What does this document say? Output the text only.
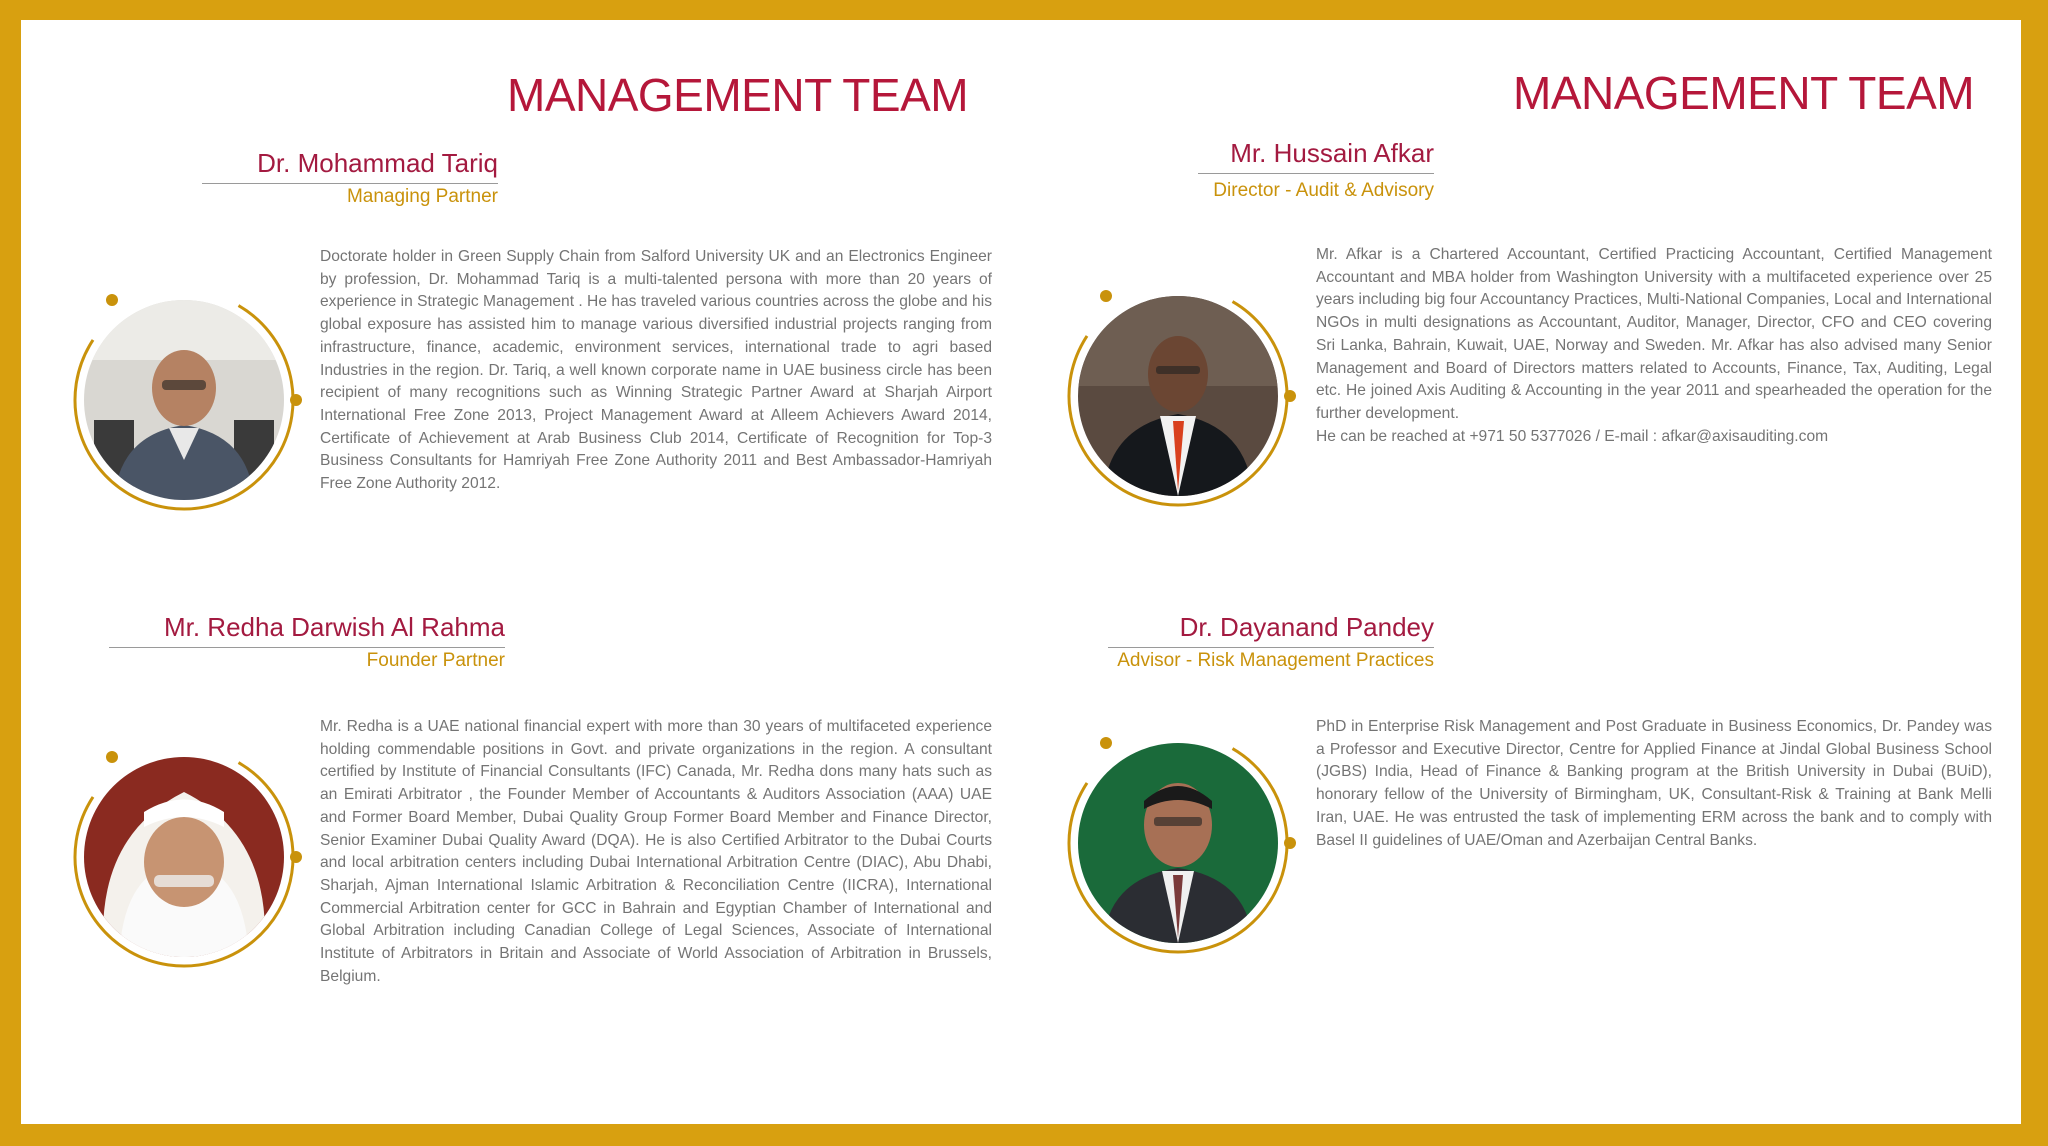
MANAGEMENT TEAM
Dr. Mohammad Tariq
Managing Partner

Doctorate holder in Green Supply Chain from Salford University UK and an Electronics Engineer by profession, Dr. Mohammad Tariq is a multi-talented persona with more than 20 years of experience in Strategic Management . He has traveled various countries across the globe and his global exposure has assisted him to manage various diversified industrial projects ranging from infrastructure, finance, academic, environment services, international trade to agri based Industries in the region. Dr. Tariq, a well known corporate name in UAE business circle has been recipient of many recognitions such as Winning Strategic Partner Award at Sharjah Airport International Free Zone 2013, Project Management Award at Alleem Achievers Award 2014, Certificate of Achievement at Arab Business Club 2014, Certificate of Recognition for Top-3 Business Consultants for Hamriyah Free Zone Authority 2011 and Best Ambassador-Hamriyah Free Zone Authority 2012.

Mr. Redha Darwish Al Rahma
Founder Partner

Mr. Redha is a UAE national financial expert with more than 30 years of multifaceted experience holding commendable positions in Govt. and private organizations in the region. A consultant certified by Institute of Financial Consultants (IFC) Canada, Mr. Redha dons many hats such as an Emirati Arbitrator , the Founder Member of Accountants & Auditors Association (AAA) UAE and Former Board Member, Dubai Quality Group Former Board Member and Finance Director, Senior Examiner Dubai Quality Award (DQA). He is also Certified Arbitrator to the Dubai Courts and local arbitration centers including Dubai International Arbitration Centre (DIAC), Abu Dhabi, Sharjah, Ajman International Islamic Arbitration & Reconciliation Centre (IICRA), International Commercial Arbitration center for GCC in Bahrain and Egyptian Chamber of International and Global Arbitration including Canadian College of Legal Sciences, Associate of International Institute of Arbitrators in Britain and Associate of World Association of Arbitration in Brussels, Belgium.

MANAGEMENT TEAM
Mr. Hussain Afkar
Director - Audit & Advisory

Mr. Afkar is a Chartered Accountant, Certified Practicing Accountant, Certified Management Accountant and MBA holder from Washington University with a multifaceted experience over 25 years including big four Accountancy Practices, Multi-National Companies, Local and International NGOs in multi designations as Accountant, Auditor, Manager, Director, CFO and CEO covering Sri Lanka, Bahrain, Kuwait, UAE, Norway and Sweden. Mr. Afkar has also advised many Senior Management and Board of Directors matters related to Accounts, Finance, Tax, Auditing, Legal etc. He joined Axis Auditing & Accounting in the year 2011 and spearheaded the operation for the further development.

He can be reached at +971 50 5377026 / E-mail : afkar@axisauditing.com

Dr. Dayanand Pandey
Advisor - Risk Management Practices

PhD in Enterprise Risk Management and Post Graduate in Business Economics, Dr. Pandey was a Professor and Executive Director, Centre for Applied Finance at Jindal Global Business School (JGBS) India, Head of Finance & Banking program at the British University in Dubai (BUiD), honorary fellow of the University of Birmingham, UK, Consultant-Risk & Training at Bank Melli Iran, UAE. He was entrusted the task of implementing ERM across the bank and to comply with Basel II guidelines of UAE/Oman and Azerbaijan Central Banks.
